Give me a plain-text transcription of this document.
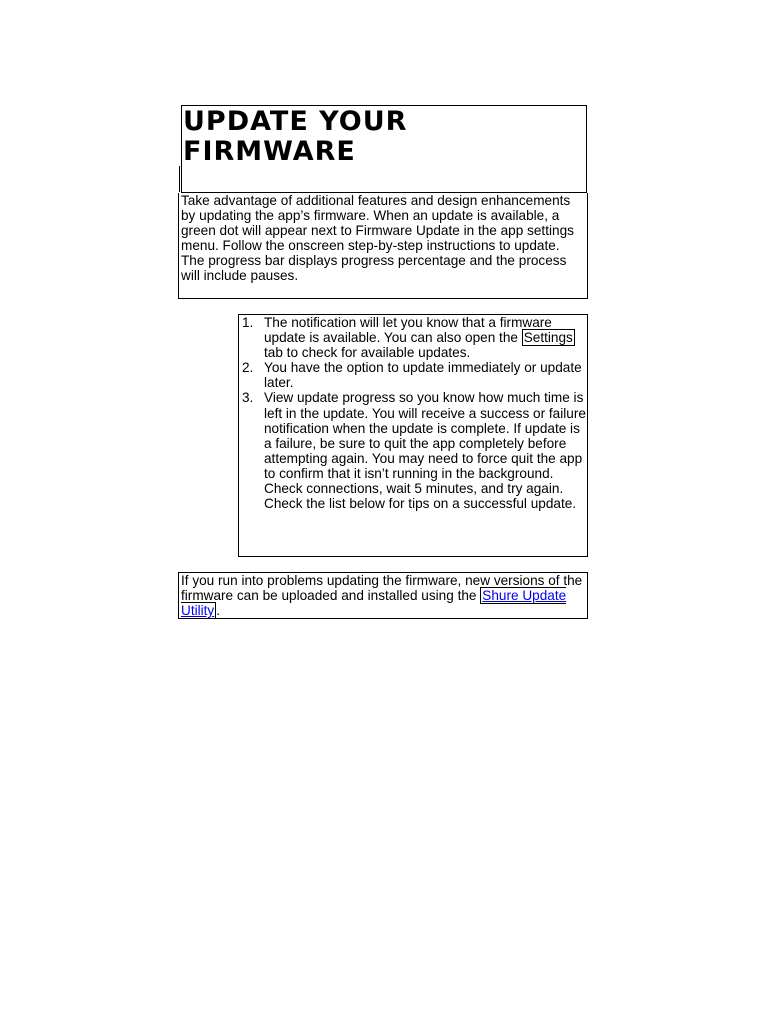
UPDATE YOUR
FIRMWARE

Take advantage of additional features and design enhancements by updating the app’s firmware. When an update is available, a green dot will appear next to Firmware Update in the app settings menu. Follow the onscreen step-by-step instructions to update. The progress bar displays progress percentage and the process will include pauses.

1. The notification will let you know that a firmware update is available. You can also open the Settings tab to check for available updates.
2. You have the option to update immediately or update later.
3. View update progress so you know how much time is left in the update. You will receive a success or failure notification when the update is complete. If update is a failure, be sure to quit the app completely before attempting again. You may need to force quit the app to confirm that it isn’t running in the background. Check connections, wait 5 minutes, and try again. Check the list below for tips on a successful update.

If you run into problems updating the firmware, new versions of the firmware can be uploaded and installed using the Shure Update Utility .
